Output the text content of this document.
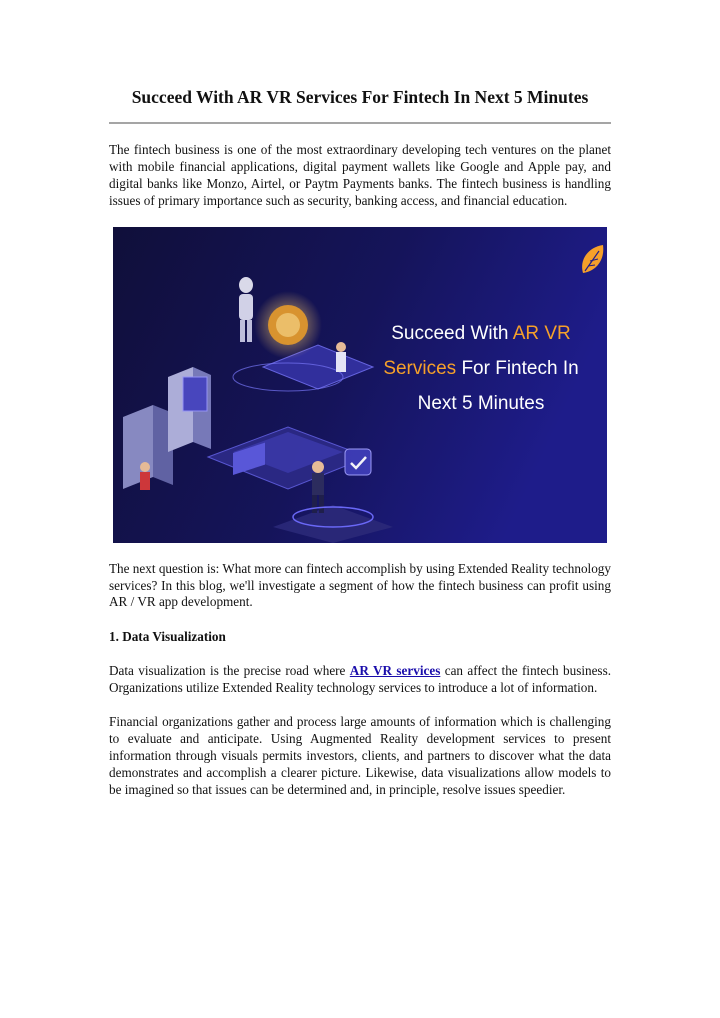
Succeed With AR VR Services For Fintech In Next 5 Minutes

The fintech business is one of the most extraordinary developing tech ventures on the planet with mobile financial applications, digital payment wallets like Google and Apple pay, and digital banks like Monzo, Airtel, or Paytm Payments banks. The fintech business is handling issues of primary importance such as security, banking access, and financial education.

Succeed With AR VR
Services For Fintech In
Next 5 Minutes

The next question is: What more can fintech accomplish by using Extended Reality technology services? In this blog, we'll investigate a segment of how the fintech business can profit using AR / VR app development.

1. Data Visualization

Data visualization is the precise road where AR VR services can affect the fintech business. Organizations utilize Extended Reality technology services to introduce a lot of information.

Financial organizations gather and process large amounts of information which is challenging to evaluate and anticipate. Using Augmented Reality development services to present information through visuals permits investors, clients, and partners to discover what the data demonstrates and accomplish a clearer picture. Likewise, data visualizations allow models to be imagined so that issues can be determined and, in principle, resolve issues speedier.
